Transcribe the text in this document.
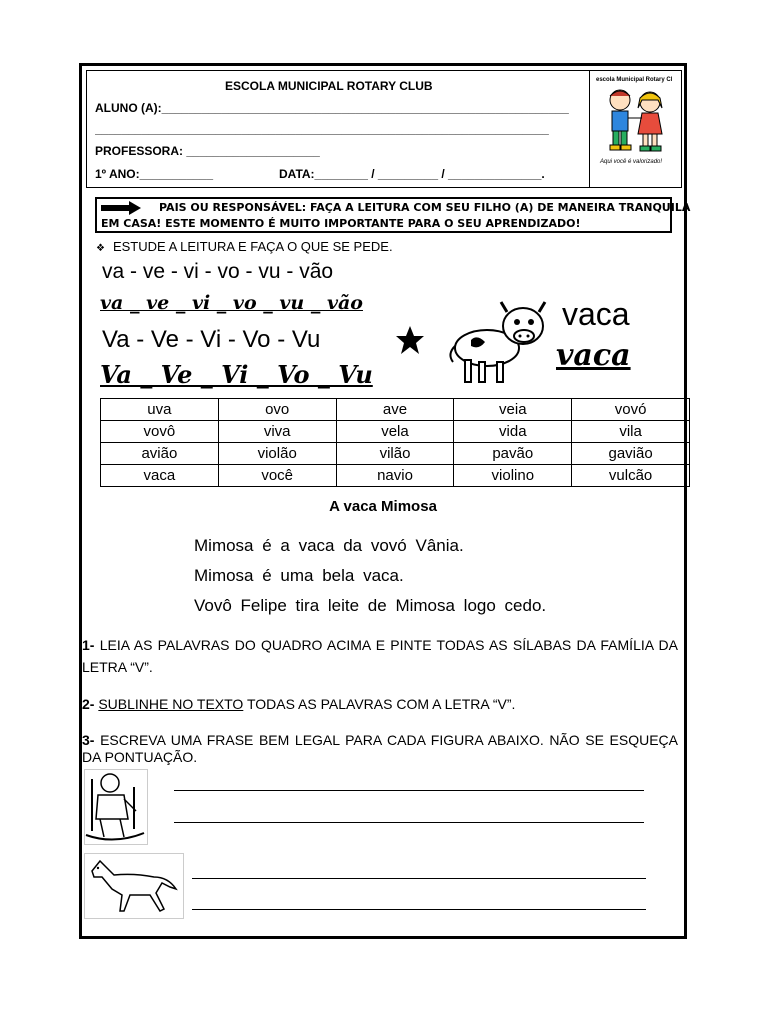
ESCOLA MUNICIPAL ROTARY CLUB
ALUNO (A):_____________________________________________________________
____________________________________________________________________
PROFESSORA: ____________________
1º ANO:___________	DATA:________ / _________ / ______________.
escola Municipal Rotary Cl
Aqui você é valorizado!
PAIS OU RESPONSÁVEL: FAÇA A LEITURA COM SEU FILHO (A) DE MANEIRA TRANQUILA
EM CASA! ESTE MOMENTO É MUITO IMPORTANTE PARA O SEU APRENDIZADO!
❖ ESTUDE A LEITURA E FAÇA O QUE SE PEDE.
va - ve - vi - vo - vu - vão
va _ ve _ vi _ vo _ vu _ vão
Va - Ve - Vi - Vo - Vu
Va _ Ve _ Vi _ Vo _ Vu
vaca
vaca
uva	ovo	ave	veia	vovó
vovô	viva	vela	vida	vila
avião	violão	vilão	pavão	gavião
vaca	você	navio	violino	vulcão
A vaca Mimosa
Mimosa é a vaca da vovó Vânia.
Mimosa é uma bela vaca.
Vovô Felipe tira leite de Mimosa logo cedo.
1- LEIA AS PALAVRAS DO QUADRO ACIMA E PINTE TODAS AS SÍLABAS DA FAMÍLIA DA LETRA “V”.
2- SUBLINHE NO TEXTO TODAS AS PALAVRAS COM A LETRA “V”.
3- ESCREVA UMA FRASE BEM LEGAL PARA CADA FIGURA ABAIXO. NÃO SE ESQUEÇA DA PONTUAÇÃO.
